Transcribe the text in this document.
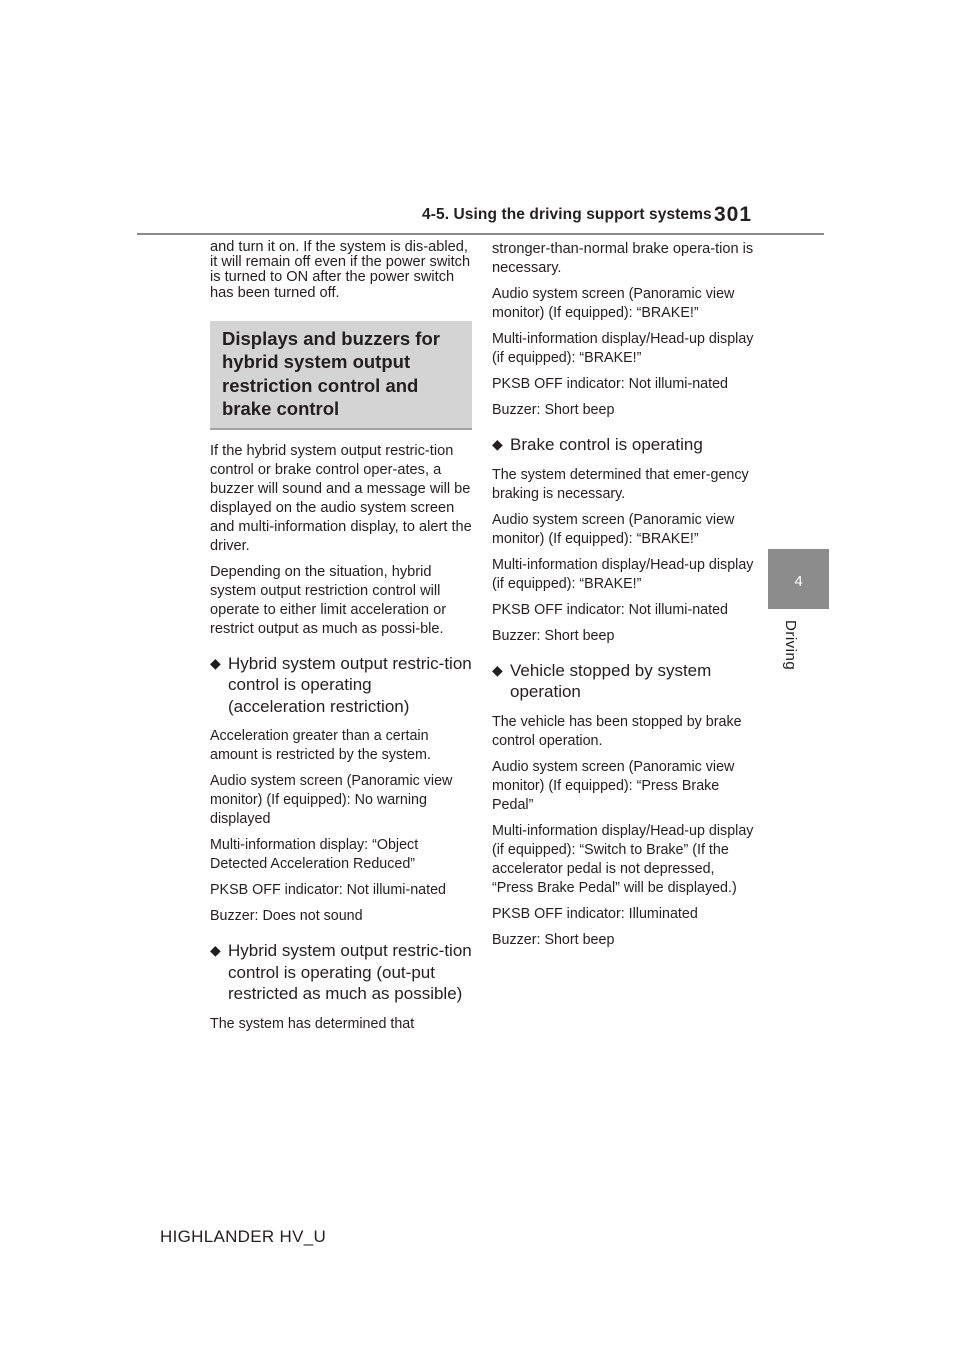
4-5. Using the driving support systems 301
4
Driving

and turn it on. If the system is dis-abled, it will remain off even if the power switch is turned to ON after the power switch has been turned off.

Displays and buzzers for hybrid system output restriction control and brake control

If the hybrid system output restric-tion control or brake control oper-ates, a buzzer will sound and a message will be displayed on the audio system screen and multi-information display, to alert the driver.

Depending on the situation, hybrid system output restriction control will operate to either limit acceleration or restrict output as much as possi-ble.

◆ Hybrid system output restric-tion control is operating (acceleration restriction)

Acceleration greater than a certain amount is restricted by the system.

Audio system screen (Panoramic view monitor) (If equipped): No warning displayed

Multi-information display: “Object Detected Acceleration Reduced”

PKSB OFF indicator: Not illumi-nated

Buzzer: Does not sound

◆ Hybrid system output restric-tion control is operating (out-put restricted as much as possible)

The system has determined that

stronger-than-normal brake opera-tion is necessary.

Audio system screen (Panoramic view monitor) (If equipped): “BRAKE!”

Multi-information display/Head-up display (if equipped): “BRAKE!”

PKSB OFF indicator: Not illumi-nated

Buzzer: Short beep

◆ Brake control is operating

The system determined that emer-gency braking is necessary.

Audio system screen (Panoramic view monitor) (If equipped): “BRAKE!”

Multi-information display/Head-up display (if equipped): “BRAKE!”

PKSB OFF indicator: Not illumi-nated

Buzzer: Short beep

◆ Vehicle stopped by system operation

The vehicle has been stopped by brake control operation.

Audio system screen (Panoramic view monitor) (If equipped): “Press Brake Pedal”

Multi-information display/Head-up display (if equipped): “Switch to Brake” (If the accelerator pedal is not depressed, “Press Brake Pedal” will be displayed.)

PKSB OFF indicator: Illuminated

Buzzer: Short beep

HIGHLANDER HV_U
